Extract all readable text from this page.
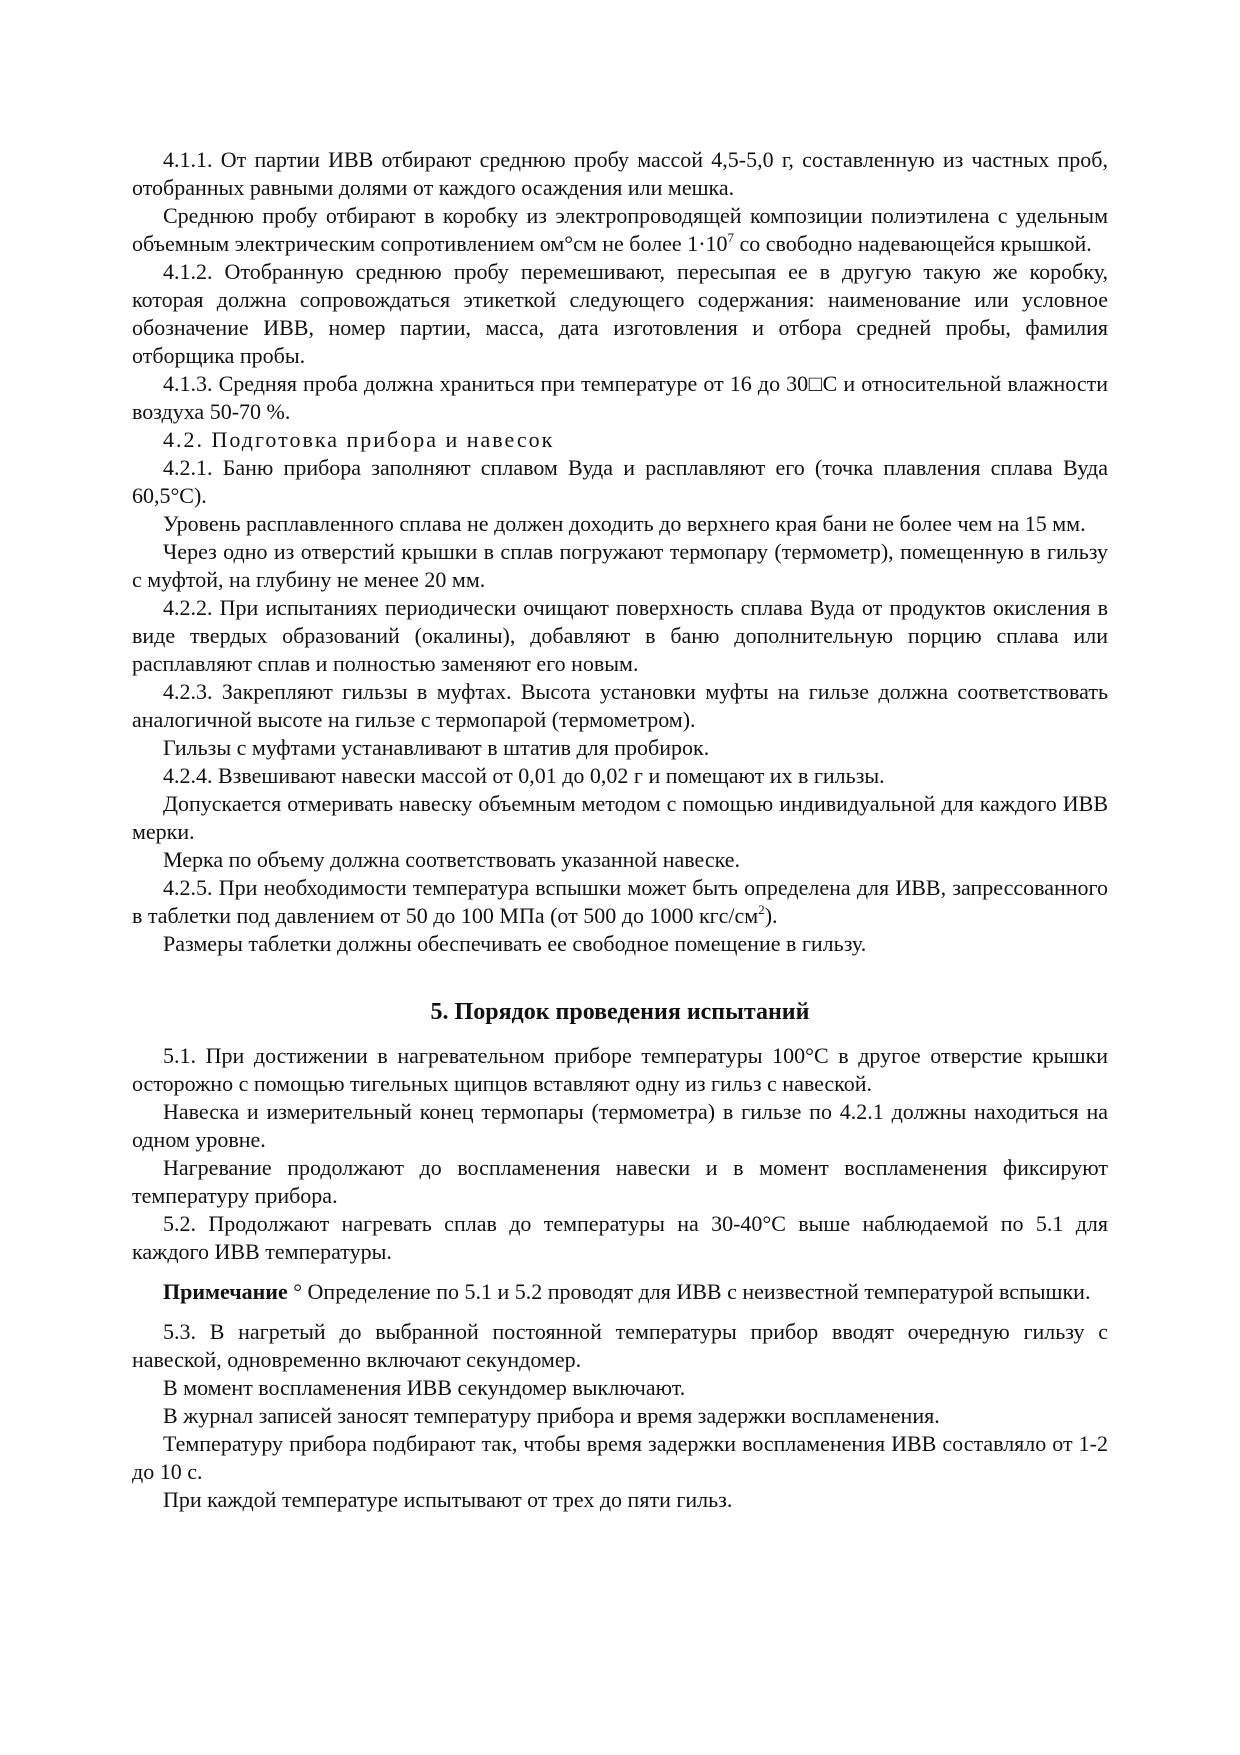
4.1.1. От партии ИВВ отбирают среднюю пробу массой 4,5-5,0 г, составленную из частных проб, отобранных равными долями от каждого осаждения или мешка.

Среднюю пробу отбирают в коробку из электропроводящей композиции полиэтилена с удельным объемным электрическим сопротивлением ом°см не более $1\cdot 10^7$ со свободно надевающейся крышкой.

4.1.2. Отобранную среднюю пробу перемешивают, пересыпая ее в другую такую же коробку, которая должна сопровождаться этикеткой следующего содержания: наименование или условное обозначение ИВВ, номер партии, масса, дата изготовления и отбора средней пробы, фамилия отборщика пробы.

4.1.3. Средняя проба должна храниться при температуре от 16 до 30□С и относительной влажности воздуха 50-70 %.

4.2. Подготовка прибора и навесок

4.2.1. Баню прибора заполняют сплавом Вуда и расплавляют его (точка плавления сплава Вуда 60,5°С).

Уровень расплавленного сплава не должен доходить до верхнего края бани не более чем на 15 мм.

Через одно из отверстий крышки в сплав погружают термопару (термометр), помещенную в гильзу с муфтой, на глубину не менее 20 мм.

4.2.2. При испытаниях периодически очищают поверхность сплава Вуда от продуктов окисления в виде твердых образований (окалины), добавляют в баню дополнительную порцию сплава или расплавляют сплав и полностью заменяют его новым.

4.2.3. Закрепляют гильзы в муфтах. Высота установки муфты на гильзе должна соответствовать аналогичной высоте на гильзе с термопарой (термометром).

Гильзы с муфтами устанавливают в штатив для пробирок.

4.2.4. Взвешивают навески массой от 0,01 до 0,02 г и помещают их в гильзы.

Допускается отмеривать навеску объемным методом с помощью индивидуальной для каждого ИВВ мерки.

Мерка по объему должна соответствовать указанной навеске.

4.2.5. При необходимости температура вспышки может быть определена для ИВВ, запрессованного в таблетки под давлением от 50 до 100 МПа (от 500 до 1000 кгс/$см^2$).

Размеры таблетки должны обеспечивать ее свободное помещение в гильзу.

5. Порядок проведения испытаний

5.1. При достижении в нагревательном приборе температуры 100°С в другое отверстие крышки осторожно с помощью тигельных щипцов вставляют одну из гильз с навеской.

Навеска и измерительный конец термопары (термометра) в гильзе по 4.2.1 должны находиться на одном уровне.

Нагревание продолжают до воспламенения навески и в момент воспламенения фиксируют температуру прибора.

5.2. Продолжают нагревать сплав до температуры на 30-40°С выше наблюдаемой по 5.1 для каждого ИВВ температуры.

Примечание ° Определение по 5.1 и 5.2 проводят для ИВВ с неизвестной температурой вспышки.

5.3. В нагретый до выбранной постоянной температуры прибор вводят очередную гильзу с навеской, одновременно включают секундомер.

В момент воспламенения ИВВ секундомер выключают.

В журнал записей заносят температуру прибора и время задержки воспламенения.

Температуру прибора подбирают так, чтобы время задержки воспламенения ИВВ составляло от 1-2 до 10 с.

При каждой температуре испытывают от трех до пяти гильз.
